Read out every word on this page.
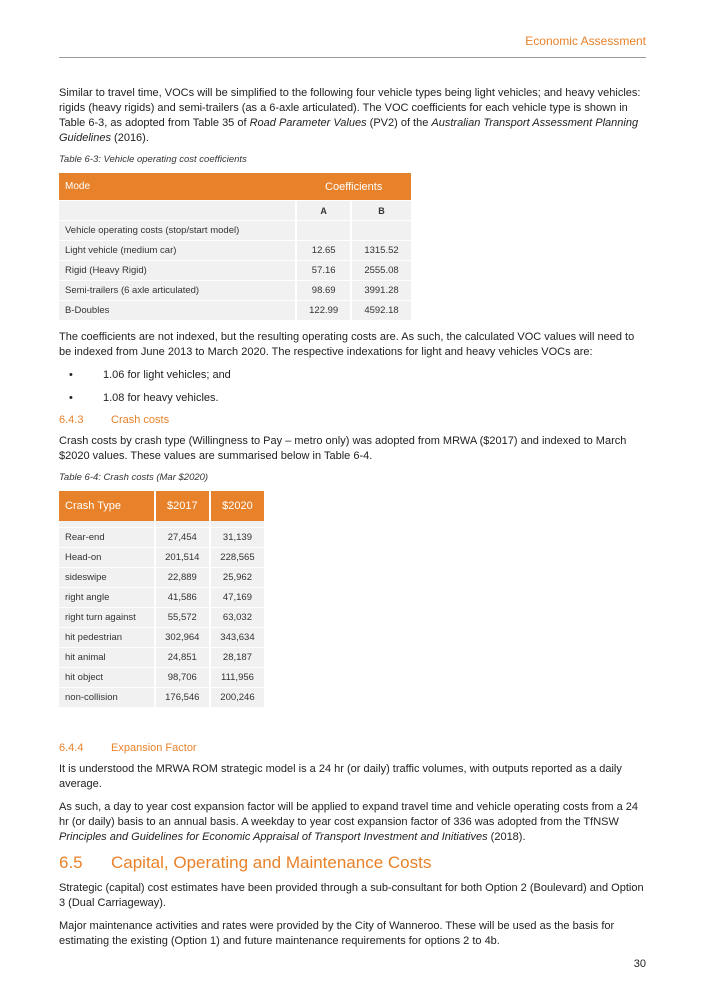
Economic Assessment

Similar to travel time, VOCs will be simplified to the following four vehicle types being light vehicles; and heavy vehicles: rigids (heavy rigids) and semi-trailers (as a 6-axle articulated). The VOC coefficients for each vehicle type is shown in Table 6-3, as adopted from Table 35 of Road Parameter Values (PV2) of the Australian Transport Assessment Planning Guidelines (2016).

Table 6-3: Vehicle operating cost coefficients
Mode	Coefficients	
	A	B
Vehicle operating costs (stop/start model)		
Light vehicle (medium car)	12.65	1315.52
Rigid (Heavy Rigid)	57.16	2555.08
Semi-trailers (6 axle articulated)	98.69	3991.28
B-Doubles	122.99	4592.18

The coefficients are not indexed, but the resulting operating costs are. As such, the calculated VOC values will need to be indexed from June 2013 to March 2020. The respective indexations for light and heavy vehicles VOCs are:

•	1.06 for light vehicles; and
•	1.08 for heavy vehicles.
6.4.3	Crash costs

Crash costs by crash type (Willingness to Pay – metro only) was adopted from MRWA ($2017) and indexed to March $2020 values. These values are summarised below in Table 6-4.

Table 6-4: Crash costs (Mar $2020)
Crash Type	$2017	$2020

Rear-end	27,454	31,139
Head-on	201,514	228,565
sideswipe	22,889	25,962
right angle	41,586	47,169
right turn against	55,572	63,032
hit pedestrian	302,964	343,634
hit animal	24,851	28,187
hit object	98,706	111,956
non-collision	176,546	200,246
6.4.4	Expansion Factor

It is understood the MRWA ROM strategic model is a 24 hr (or daily) traffic volumes, with outputs reported as a daily average.

As such, a day to year cost expansion factor will be applied to expand travel time and vehicle operating costs from a 24 hr (or daily) basis to an annual basis. A weekday to year cost expansion factor of 336 was adopted from the TfNSW Principles and Guidelines for Economic Appraisal of Transport Investment and Initiatives (2018).

6.5 Capital, Operating and Maintenance Costs

Strategic (capital) cost estimates have been provided through a sub-consultant for both Option 2 (Boulevard) and Option 3 (Dual Carriageway).

Major maintenance activities and rates were provided by the City of Wanneroo. These will be used as the basis for estimating the existing (Option 1) and future maintenance requirements for options 2 to 4b.

30
